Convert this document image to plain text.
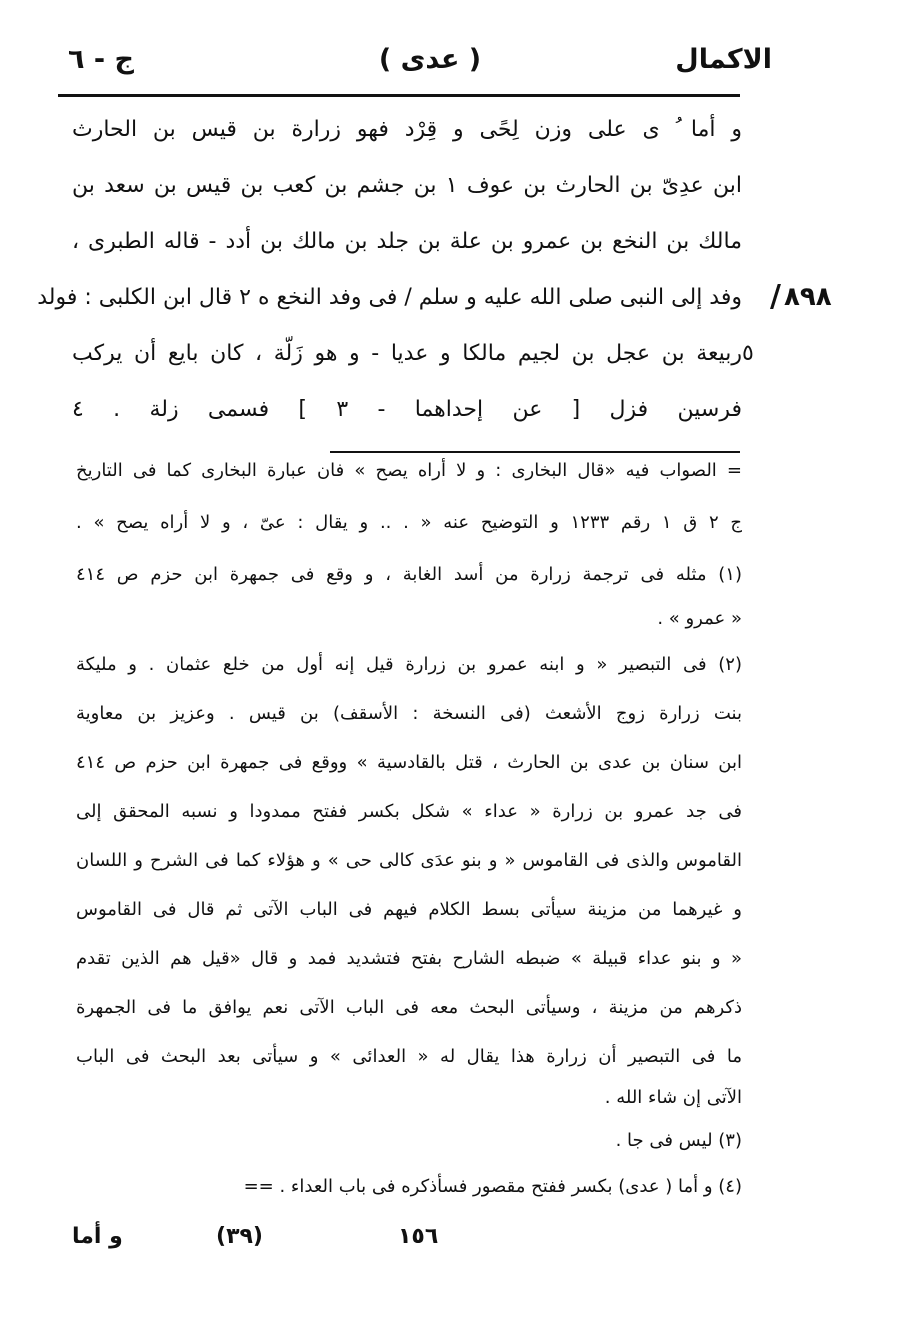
الاكمال
( عدى )
ج - ٦
و أما ُ ى على وزن لِحًى و قِرْد فهو زرارة بن قيس بن الحارث
ابن عدِىّ بن الحارث بن عوف ١ بن جشم بن كعب بن قيس بن سعد بن
مالك بن النخع بن عمرو بن علة بن جلد بن مالك بن أدد - قاله الطبرى ،
وفد إلى النبى صلى الله عليه و سلم / فى وفد النخع ه ٢ قال ابن الكلبى : فولد
ربيعة بن عجل بن لجيم مالكا و عديا - و هو زَلّة ، كان بايع أن يركب
فرسين فزل [ عن إحداهما - ٣ ] فسمى زلة . ٤
/ ٨٩٨
٥
= الصواب فيه «قال البخارى : و لا أراه يصح » فان عبارة البخارى كما فى التاريخ
ج ٢ ق ١ رقم ١٢٣٣ و التوضيح عنه « . .. و يقال : عىّ ، و لا أراه يصح » .
(١) مثله فى ترجمة زرارة من أسد الغابة ، و وقع فى جمهرة ابن حزم ص ٤١٤
« عمرو » .
(٢) فى التبصير « و ابنه عمرو بن زرارة قيل إنه أول من خلع عثمان . و مليكة
بنت زرارة زوج الأشعث (فى النسخة : الأسقف) بن قيس . وعزيز بن معاوية
ابن سنان بن عدى بن الحارث ، قتل بالقادسية » ووقع فى جمهرة ابن حزم ص ٤١٤
فى جد عمرو بن زرارة « عداء » شكل بكسر ففتح ممدودا و نسبه المحقق إلى
القاموس والذى فى القاموس « و بنو عدَى كالى حى » و هؤلاء كما فى الشرح و اللسان
و غيرهما من مزينة سيأتى بسط الكلام فيهم فى الباب الآتى ثم قال فى القاموس
« و بنو عداء قبيلة » ضبطه الشارح بفتح فتشديد فمد و قال «قيل هم الذين تقدم
ذكرهم من مزينة ، وسيأتى البحث معه فى الباب الآتى نعم يوافق ما فى الجمهرة
ما فى التبصير أن زرارة هذا يقال له « العدائى » و سيأتى بعد البحث فى الباب
الآتى إن شاء الله .
(٣) ليس فى جا .
(٤) و أما ( عدى) بكسر ففتح مقصور فسأذكره فى باب العداء . ==
و أما	(٣٩)	١٥٦
